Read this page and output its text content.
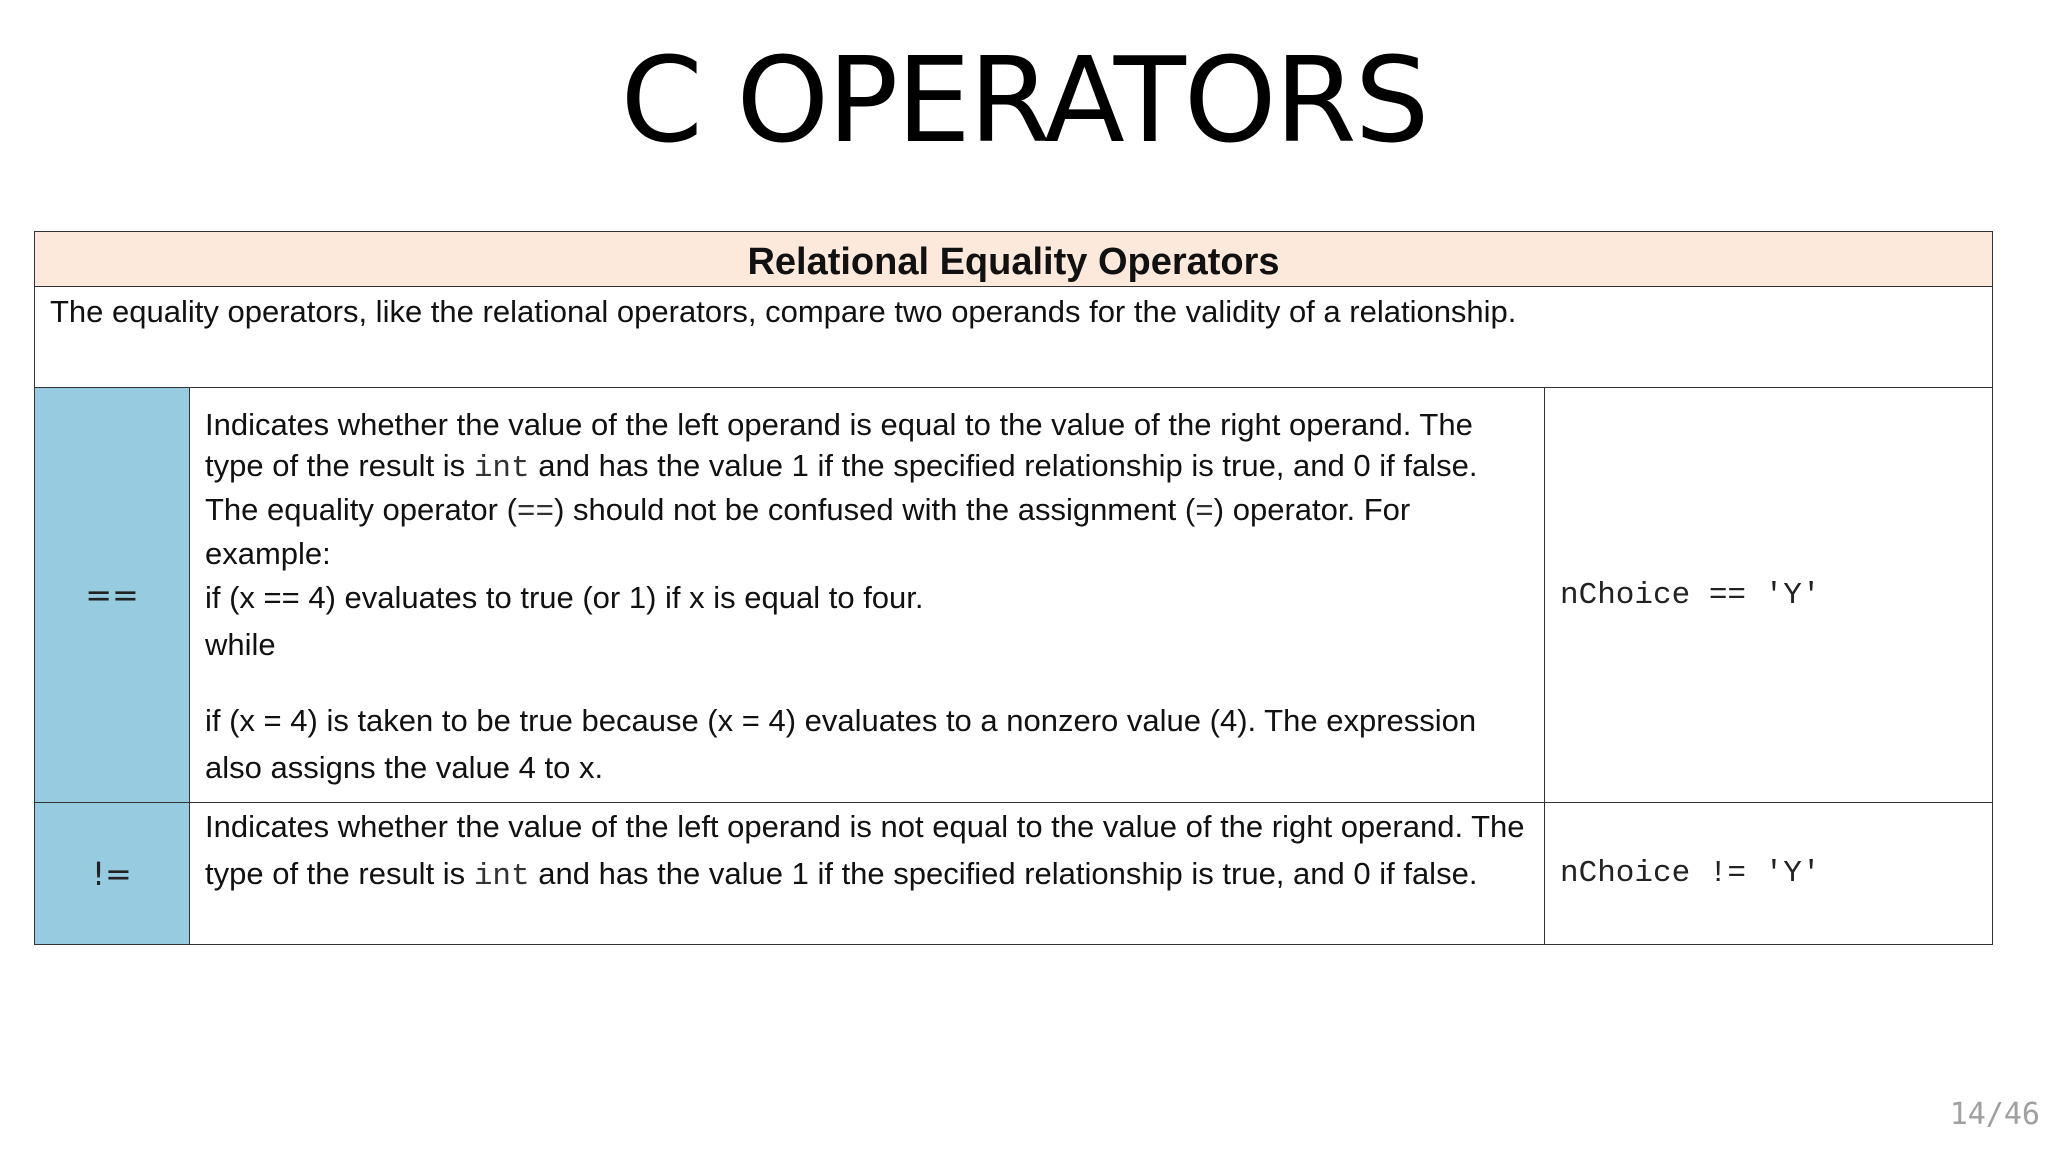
C OPERATORS
Relational Equality Operators		
The equality operators, like the relational operators, compare two operands for the validity of a relationship.		
==	Indicates whether the value of the left operand is equal to the value of the right operand. The type of the result is int and has the value 1 if the specified relationship is true, and 0 if false. The equality operator (==) should not be confused with the assignment (=) operator. For example:

if (x == 4) evaluates to true (or 1) if x is equal to four.

while

if (x = 4) is taken to be true because (x = 4) evaluates to a nonzero value (4). The expression also assigns the value 4 to x.	nChoice == 'Y'
!=	Indicates whether the value of the left operand is not equal to the value of the right operand. The type of the result is int and has the value 1 if the specified relationship is true, and 0 if false.	nChoice != 'Y'
14/46
